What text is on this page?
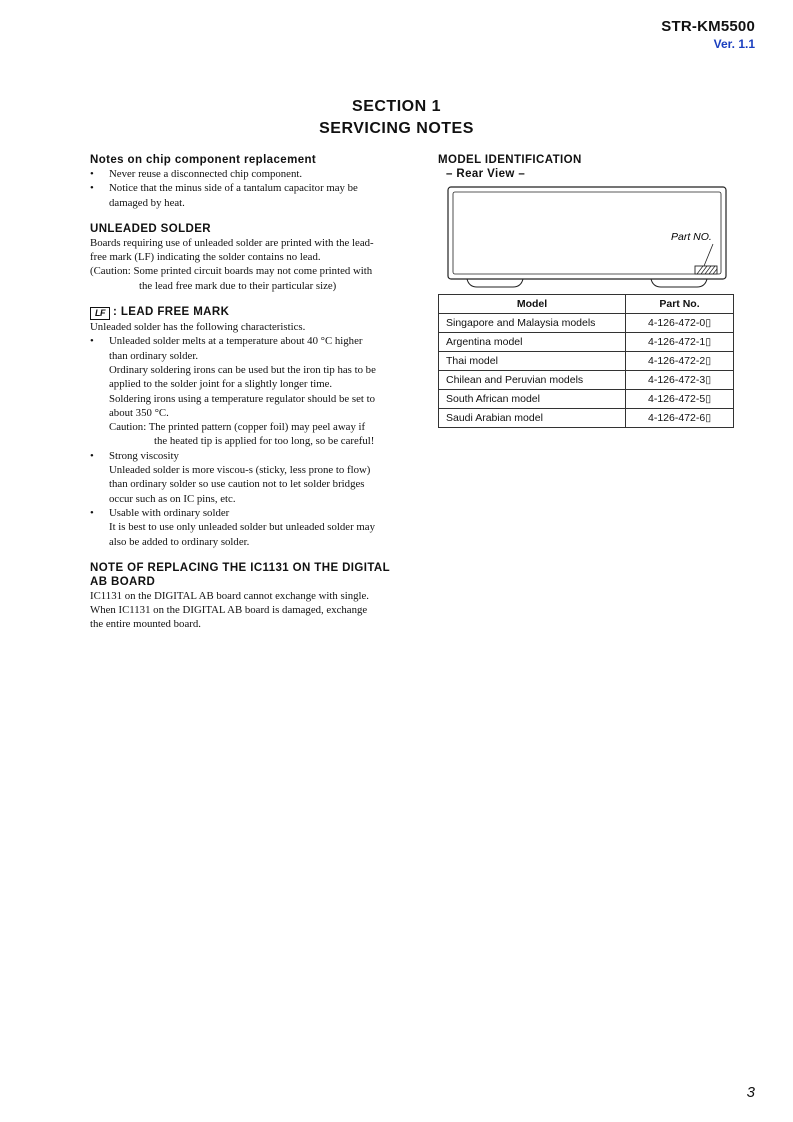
STR-KM5500
Ver. 1.1
SECTION 1
SERVICING NOTES
Notes on chip component replacement
• Never reuse a disconnected chip component.
• Notice that the minus side of a tantalum capacitor may be
damaged by heat.
UNLEADED SOLDER
Boards requiring use of unleaded solder are printed with the lead-
free mark (LF) indicating the solder contains no lead.
(Caution: Some printed circuit boards may not come printed with
the lead free mark due to their particular size)
LF : LEAD FREE MARK
Unleaded solder has the following characteristics.
• Unleaded solder melts at a temperature about 40 °C higher
than ordinary solder.
Ordinary soldering irons can be used but the iron tip has to be
applied to the solder joint for a slightly longer time.
Soldering irons using a temperature regulator should be set to
about 350 °C.
Caution: The printed pattern (copper foil) may peel away if
the heated tip is applied for too long, so be careful!
• Strong viscosity
Unleaded solder is more viscou-s (sticky, less prone to flow)
than ordinary solder so use caution not to let solder bridges
occur such as on IC pins, etc.
• Usable with ordinary solder
It is best to use only unleaded solder but unleaded solder may
also be added to ordinary solder.
NOTE OF REPLACING THE IC1131 ON THE DIGITAL
AB BOARD
IC1131 on the DIGITAL AB board cannot exchange with single.
When IC1131 on the DIGITAL AB board is damaged, exchange
the entire mounted board.
MODEL IDENTIFICATION
– Rear View –
Part NO.
Model	Part No.
Singapore and Malaysia models	4-126-472-0▯
Argentina model	4-126-472-1▯
Thai model	4-126-472-2▯
Chilean and Peruvian models	4-126-472-3▯
South African model	4-126-472-5▯
Saudi Arabian model	4-126-472-6▯
3
